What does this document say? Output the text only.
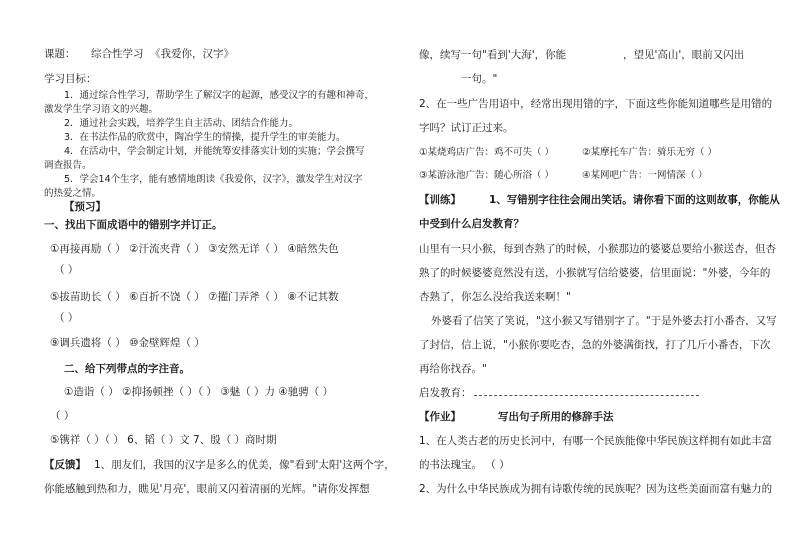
课题： 综合性学习 《我爱你，汉字》
学习目标：
1．通过综合性学习，帮助学生了解汉字的起源，感受汉字的有趣和神奇，
激发学生学习语文的兴趣。
2．通过社会实践，培养学生自主活动、团结合作能力。
3．在书法作品的欣赏中，陶冶学生的情操，提升学生的审美能力。
4．在活动中，学会制定计划，并能统筹安排落实计划的实施；学会撰写
调查报告。
5．学会14个生字，能有感情地朗读《我爱你，汉字》，激发学生对汉字
的热爱之情。
【预习】
一、找出下面成语中的错别字并订正。
①再接再励（ ） ②汗流夹背（ ） ③安然无详（ ） ④暗然失色
（ ）
⑤拔苗助长（ ） ⑥百折不饶（ ） ⑦擢门弄斧（ ） ⑧不记其数
（ ）
⑨调兵遗将（ ） ⑩金壁辉煌（ ）
二、给下列带点的字注音。
①造诣（ ） ②抑扬顿挫（ ）（ ） ③魅（ ）力 ④驰骋（ ）
（ ）
⑤镌祥（ ）（ ） 6、韬（ ）文 7、殷（ ）商时期
【反馈】 1、朋友们，我国的汉字是多么的优美，像"看到'太阳'这两个字，
你能感触到热和力，瞧见'月亮'，眼前又闪着清丽的光辉。"请你发挥想
像，续写一句"看到'大海'，你能	，望见'高山'，眼前又闪出
一句。"
2、在一些广告用语中，经常出现用错的字，下面这些你能知道哪些是用错的
字吗？试订正过来。
①某烧鸡店广告：鸡不可失（ ）	②某摩托车广告：骑乐无穷（ ）
③某游泳池广告：随心所浴（ ）	④某网吧广告：一网情深（ ）
【训练】	1、写错别字往往会闹出笑话。请你看下面的这则故事，你能从
中受到什么启发教育？
山里有一只小猴，每到杏熟了的时候，小猴那边的婆婆总要给小猴送杏，但杏
熟了的时候婆婆竟然没有送，小猴就写信给婆婆，信里面说："外婆，今年的
杏熟了，你怎么没给我送来啊！"
外婆看了信笑了笑说，"这小猴又写错别字了。"于是外婆去打小番杏，又写
了封信，信上说，"小猴你要吃杏，急的外婆满街找，打了几斤小番杏，下次
再给你找吞。"
启发教育：
【作业】	写出句子所用的修辞手法
1、在人类古老的历史长河中，有哪一个民族能像中华民族这样拥有如此丰富
的书法瑰宝。 （ ）
2、为什么中华民族成为拥有诗歌传统的民族呢？因为这些美面而富有魅力的
